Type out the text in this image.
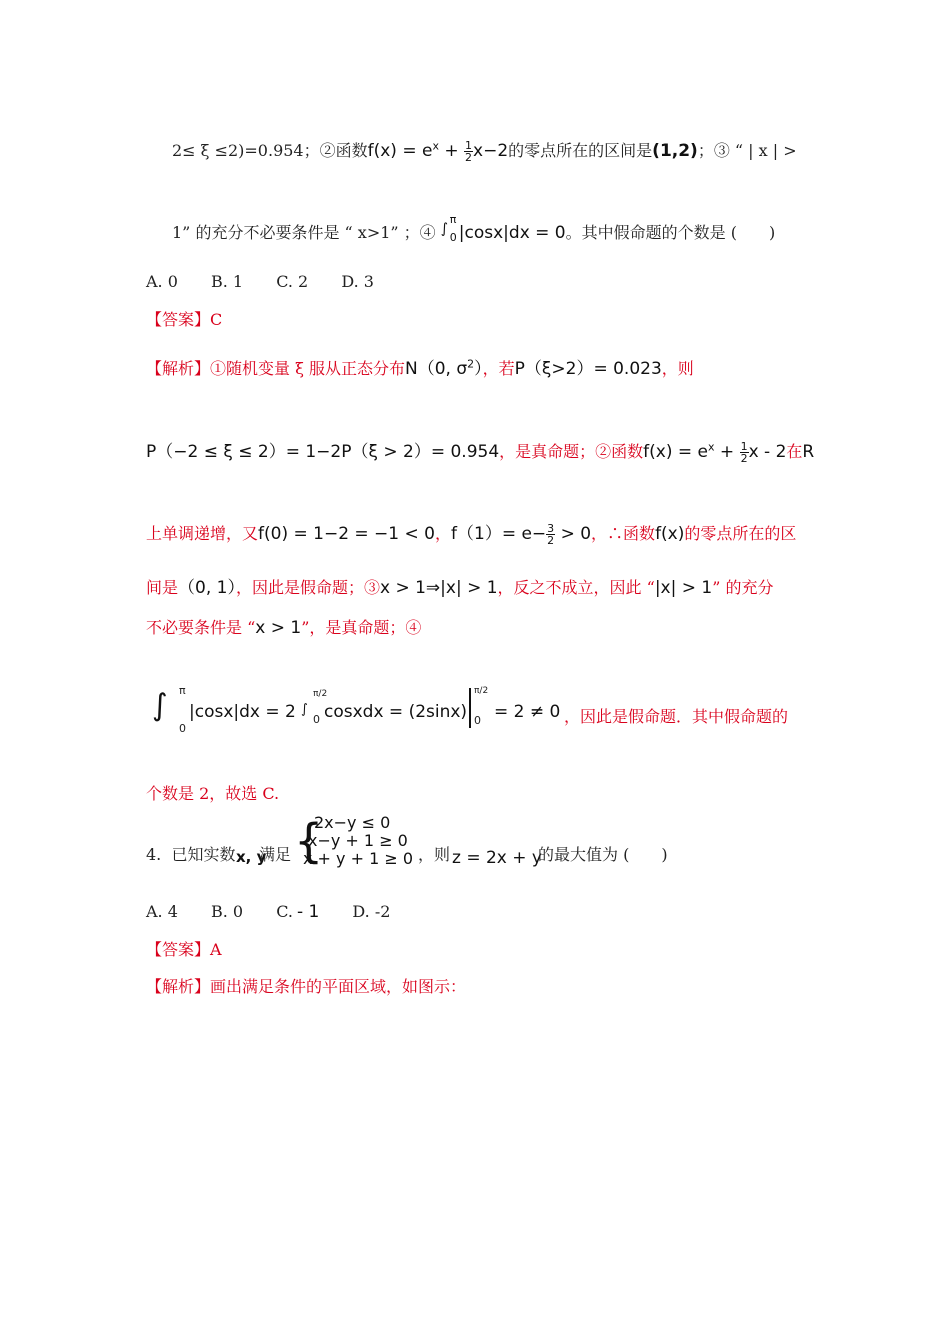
2≤ ξ ≤2)=0.954；②函数$f(x) = e^x + \frac{1}{2} x-2$的零点所在的区间是(1,2)；③ “ | x | >
1” 的充分不必要条件是 “ x>1” ；④ ∫
π
0 |cosx|dx = 0。其中假命题的个数是 (　　)
A. 0 B. 1 C. 2 D. 3
【答案】C
【解析】①随机变量 ξ 服从正态分布N（0, $\sigma^2$），若P（ξ>2）= 0.023，则
P（−2 ≤ ξ ≤ 2）= 1−2P（ξ > 2）= 0.954，是真命题；②函数$f(x) = e^x + \frac{1}{2}$ x - 2在R
上单调递增，又f(0) = 1−2 = −1 < 0，$f(1)= e- \frac{3}{2} > 0$，∴函数f(x)的零点所在的区
间是（0, 1），因此是假命题；③x > 1⇒|x| > 1，反之不成立，因此 “|x| > 1” 的充分
不必要条件是 “x > 1”，是真命题；④
∫ π
0
|cosx|dx = 2 ∫
π/2
0 cosxdx = (2sinx)
π/2
0 = 2 ≠ 0 ，因此是假命题．其中假命题的
个数是 2，故选 C.
4. 已知实数 x, y
满足 {
2x−y ≤ 0
x−y + 1 ≥ 0
x + y + 1 ≥ 0 ，则 z = 2x + y
的最大值为 (　　)
A. 4 B. 0 C. - 1 D. -2
【答案】A
【解析】画出满足条件的平面区域，如图示：
